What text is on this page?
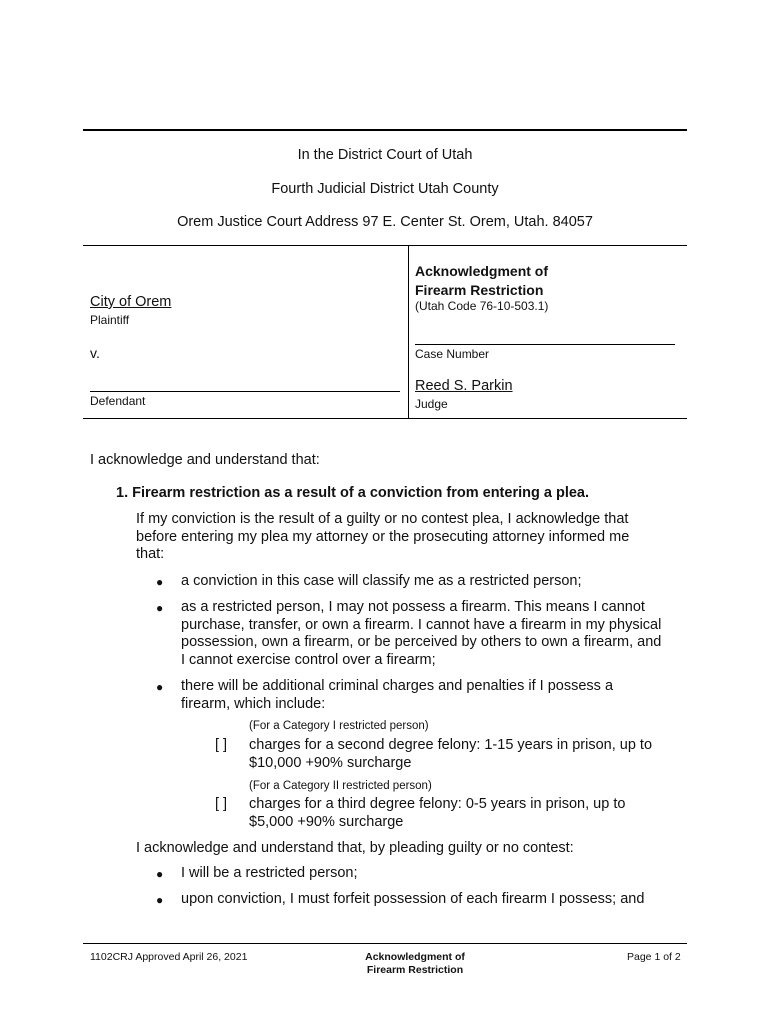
In the District Court of Utah
Fourth Judicial District Utah County
Orem Justice Court Address 97 E. Center St. Orem, Utah. 84057
City of Orem
Plaintiff
v.
Defendant
Acknowledgment of
Firearm Restriction
(Utah Code 76-10-503.1)
Case Number
Reed S. Parkin
Judge
I acknowledge and understand that:
1. Firearm restriction as a result of a conviction from entering a plea.
If my conviction is the result of a guilty or no contest plea, I acknowledge that
before entering my plea my attorney or the prosecuting attorney informed me
that:
● a conviction in this case will classify me as a restricted person;
● as a restricted person, I may not possess a firearm. This means I cannot
purchase, transfer, or own a firearm. I cannot have a firearm in my physical
possession, own a firearm, or be perceived by others to own a firearm, and
I cannot exercise control over a firearm;
● there will be additional criminal charges and penalties if I possess a
firearm, which include:
(For a Category I restricted person)
[ ] charges for a second degree felony: 1-15 years in prison, up to
$10,000 +90% surcharge
(For a Category II restricted person)
[ ] charges for a third degree felony: 0-5 years in prison, up to
$5,000 +90% surcharge
I acknowledge and understand that, by pleading guilty or no contest:
● I will be a restricted person;
● upon conviction, I must forfeit possession of each firearm I possess; and
1102CRJ Approved April 26, 2021	Acknowledgment of
Firearm Restriction
Page 1 of 2
